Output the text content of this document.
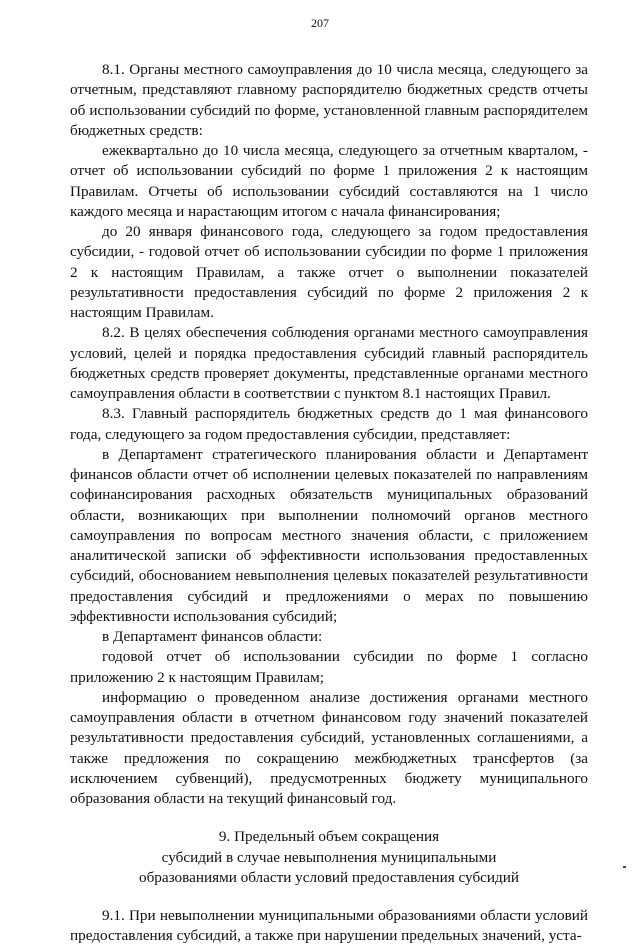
207

8.1. Органы местного самоуправления до 10 числа месяца, следующего за отчетным, представляют главному распорядителю бюджетных средств отчеты об использовании субсидий по форме, установленной главным распорядителем бюджетных средств:

ежеквартально до 10 числа месяца, следующего за отчетным кварталом, - отчет об использовании субсидий по форме 1 приложения 2 к настоящим Правилам. Отчеты об использовании субсидий составляются на 1 число каждого месяца и нарастающим итогом с начала финансирования;

до 20 января финансового года, следующего за годом предоставления субсидии, - годовой отчет об использовании субсидии по форме 1 приложения 2 к настоящим Правилам, а также отчет о выполнении показателей результативности предоставления субсидий по форме 2 приложения 2 к настоящим Правилам.

8.2. В целях обеспечения соблюдения органами местного самоуправления условий, целей и порядка предоставления субсидий главный распорядитель бюджетных средств проверяет документы, представленные органами местного самоуправления области в соответствии с пунктом 8.1 настоящих Правил.

8.3. Главный распорядитель бюджетных средств до 1 мая финансового года, следующего за годом предоставления субсидии, представляет:

в Департамент стратегического планирования области и Департамент финансов области отчет об исполнении целевых показателей по направлениям софинансирования расходных обязательств муниципальных образований области, возникающих при выполнении полномочий органов местного самоуправления по вопросам местного значения области, с приложением аналитической записки об эффективности использования предоставленных субсидий, обоснованием невыполнения целевых показателей результативности предоставления субсидий и предложениями о мерах по повышению эффективности использования субсидий;

в Департамент финансов области:

годовой отчет об использовании субсидии по форме 1 согласно приложению 2 к настоящим Правилам;

информацию о проведенном анализе достижения органами местного самоуправления области в отчетном финансовом году значений показателей результативности предоставления субсидий, установленных соглашениями, а также предложения по сокращению межбюджетных трансфертов (за исключением субвенций), предусмотренных бюджету муниципального образования области на текущий финансовый год.

9. Предельный объем сокращения
субсидий в случае невыполнения муниципальными
образованиями области условий предоставления субсидий

9.1. При невыполнении муниципальными образованиями области условий предоставления субсидий, а также при нарушении предельных значений, уста-
